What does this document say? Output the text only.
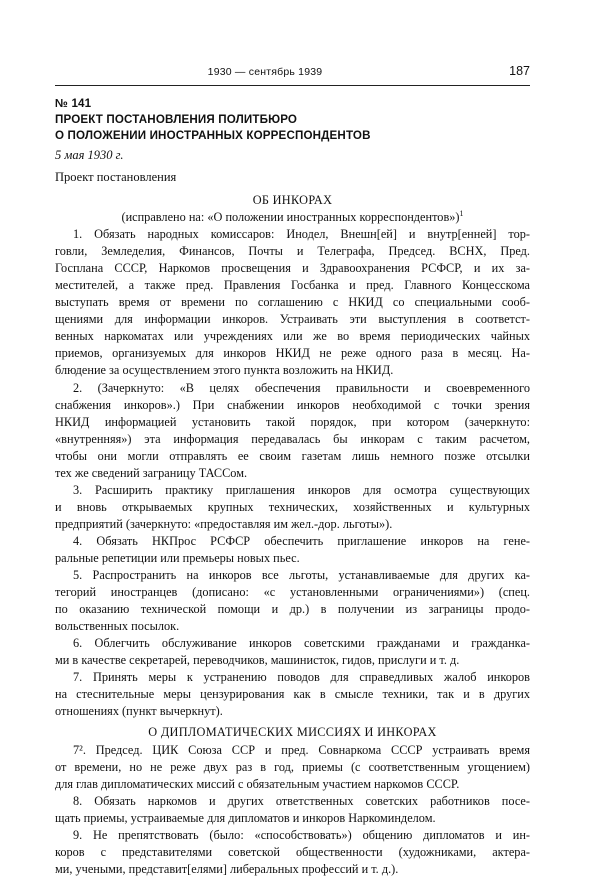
1930 — сентябрь 1939	187
№ 141
ПРОЕКТ ПОСТАНОВЛЕНИЯ ПОЛИТБЮРО
О ПОЛОЖЕНИИ ИНОСТРАННЫХ КОРРЕСПОНДЕНТОВ
5 мая 1930 г.
Проект постановления
ОБ ИНКОРАХ
(исправлено на: «О положении иностранных корреспондентов»)$^1$
1. Обязать народных комиссаров: Инодел, Внешн[ей] и внутр[енней] тор-
говли, Земледелия, Финансов, Почты и Телеграфа, Председ. ВСНХ, Пред.
Госплана СССР, Наркомов просвещения и Здравоохранения РСФСР, и их за-
местителей, а также пред. Правления Госбанка и пред. Главного Концесскома
выступать время от времени по соглашению с НКИД со специальными сооб-
щениями для информации инкоров. Устраивать эти выступления в соответст-
венных наркоматах или учреждениях или же во время периодических чайных
приемов, организуемых для инкоров НКИД не реже одного раза в месяц. На-
блюдение за осуществлением этого пункта возложить на НКИД.
2. (Зачеркнуто: «В целях обеспечения правильности и своевременного
снабжения инкоров».) При снабжении инкоров необходимой с точки зрения
НКИД информацией установить такой порядок, при котором (зачеркнуто:
«внутренняя») эта информация передавалась бы инкорам с таким расчетом,
чтобы они могли отправлять ее своим газетам лишь немного позже отсылки
тех же сведений заграницу ТАССом.
3. Расширить практику приглашения инкоров для осмотра существующих
и вновь открываемых крупных технических, хозяйственных и культурных
предприятий (зачеркнуто: «предоставляя им жел.-дор. льготы»).
4. Обязать НКПрос РСФСР обеспечить приглашение инкоров на гене-
ральные репетиции или премьеры новых пьес.
5. Распространить на инкоров все льготы, устанавливаемые для других ка-
тегорий иностранцев (дописано: «с установленными ограничениями») (спец.
по оказанию технической помощи и др.) в получении из заграницы продо-
вольственных посылок.
6. Облегчить обслуживание инкоров советскими гражданами и гражданка-
ми в качестве секретарей, переводчиков, машинисток, гидов, прислуги и т. д.
7. Принять меры к устранению поводов для справедливых жалоб инкоров
на стеснительные меры цензурирования как в смысле техники, так и в других
отношениях (пункт вычеркнут).
О ДИПЛОМАТИЧЕСКИХ МИССИЯХ И ИНКОРАХ
7². Председ. ЦИК Союза ССР и пред. Совнаркома СССР устраивать время
от времени, но не реже двух раз в год, приемы (с соответственным угощением)
для глав дипломатических миссий с обязательным участием наркомов СССР.
8. Обязать наркомов и других ответственных советских работников посе-
щать приемы, устраиваемые для дипломатов и инкоров Наркоминделом.
9. Не препятствовать (было: «способствовать») общению дипломатов и ин-
коров с представителями советской общественности (художниками, актера-
ми, учеными, представит[елями] либеральных профессий и т. д.).
